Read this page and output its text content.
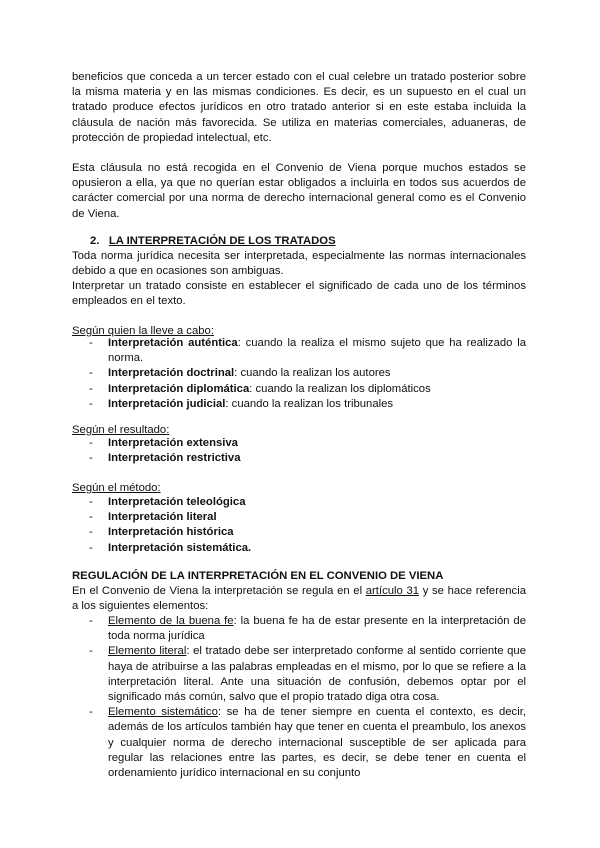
beneficios que conceda a un tercer estado con el cual celebre un tratado posterior sobre la misma materia y en las mismas condiciones. Es decir, es un supuesto en el cual un tratado produce efectos jurídicos en otro tratado anterior si en este estaba incluida la cláusula de nación más favorecida. Se utiliza en materias comerciales, aduaneras, de protección de propiedad intelectual, etc.

Esta cláusula no está recogida en el Convenio de Viena porque muchos estados se opusieron a ella, ya que no querían estar obligados a incluirla en todos sus acuerdos de carácter comercial por una norma de derecho internacional general como es el Convenio de Viena.

2. LA INTERPRETACIÓN DE LOS TRATADOS

Toda norma jurídica necesita ser interpretada, especialmente las normas internacionales debido a que en ocasiones son ambiguas.

Interpretar un tratado consiste en establecer el significado de cada uno de los términos empleados en el texto.

Según quien la lleve a cabo:

- Interpretación auténtica: cuando la realiza el mismo sujeto que ha realizado la norma.
- Interpretación doctrinal: cuando la realizan los autores
- Interpretación diplomática: cuando la realizan los diplomáticos
- Interpretación judicial: cuando la realizan los tribunales

Según el resultado:

- Interpretación extensiva
- Interpretación restrictiva

Según el método:

- Interpretación teleológica
- Interpretación literal
- Interpretación histórica
- Interpretación sistemática.

REGULACIÓN DE LA INTERPRETACIÓN EN EL CONVENIO DE VIENA

En el Convenio de Viena la interpretación se regula en el artículo 31 y se hace referencia a los siguientes elementos:

- Elemento de la buena fe: la buena fe ha de estar presente en la interpretación de toda norma jurídica
- Elemento literal: el tratado debe ser interpretado conforme al sentido corriente que haya de atribuirse a las palabras empleadas en el mismo, por lo que se refiere a la interpretación literal. Ante una situación de confusión, debemos optar por el significado más común, salvo que el propio tratado diga otra cosa.
- Elemento sistemático: se ha de tener siempre en cuenta el contexto, es decir, además de los artículos también hay que tener en cuenta el preambulo, los anexos y cualquier norma de derecho internacional susceptible de ser aplicada para regular las relaciones entre las partes, es decir, se debe tener en cuenta el ordenamiento jurídico internacional en su conjunto
